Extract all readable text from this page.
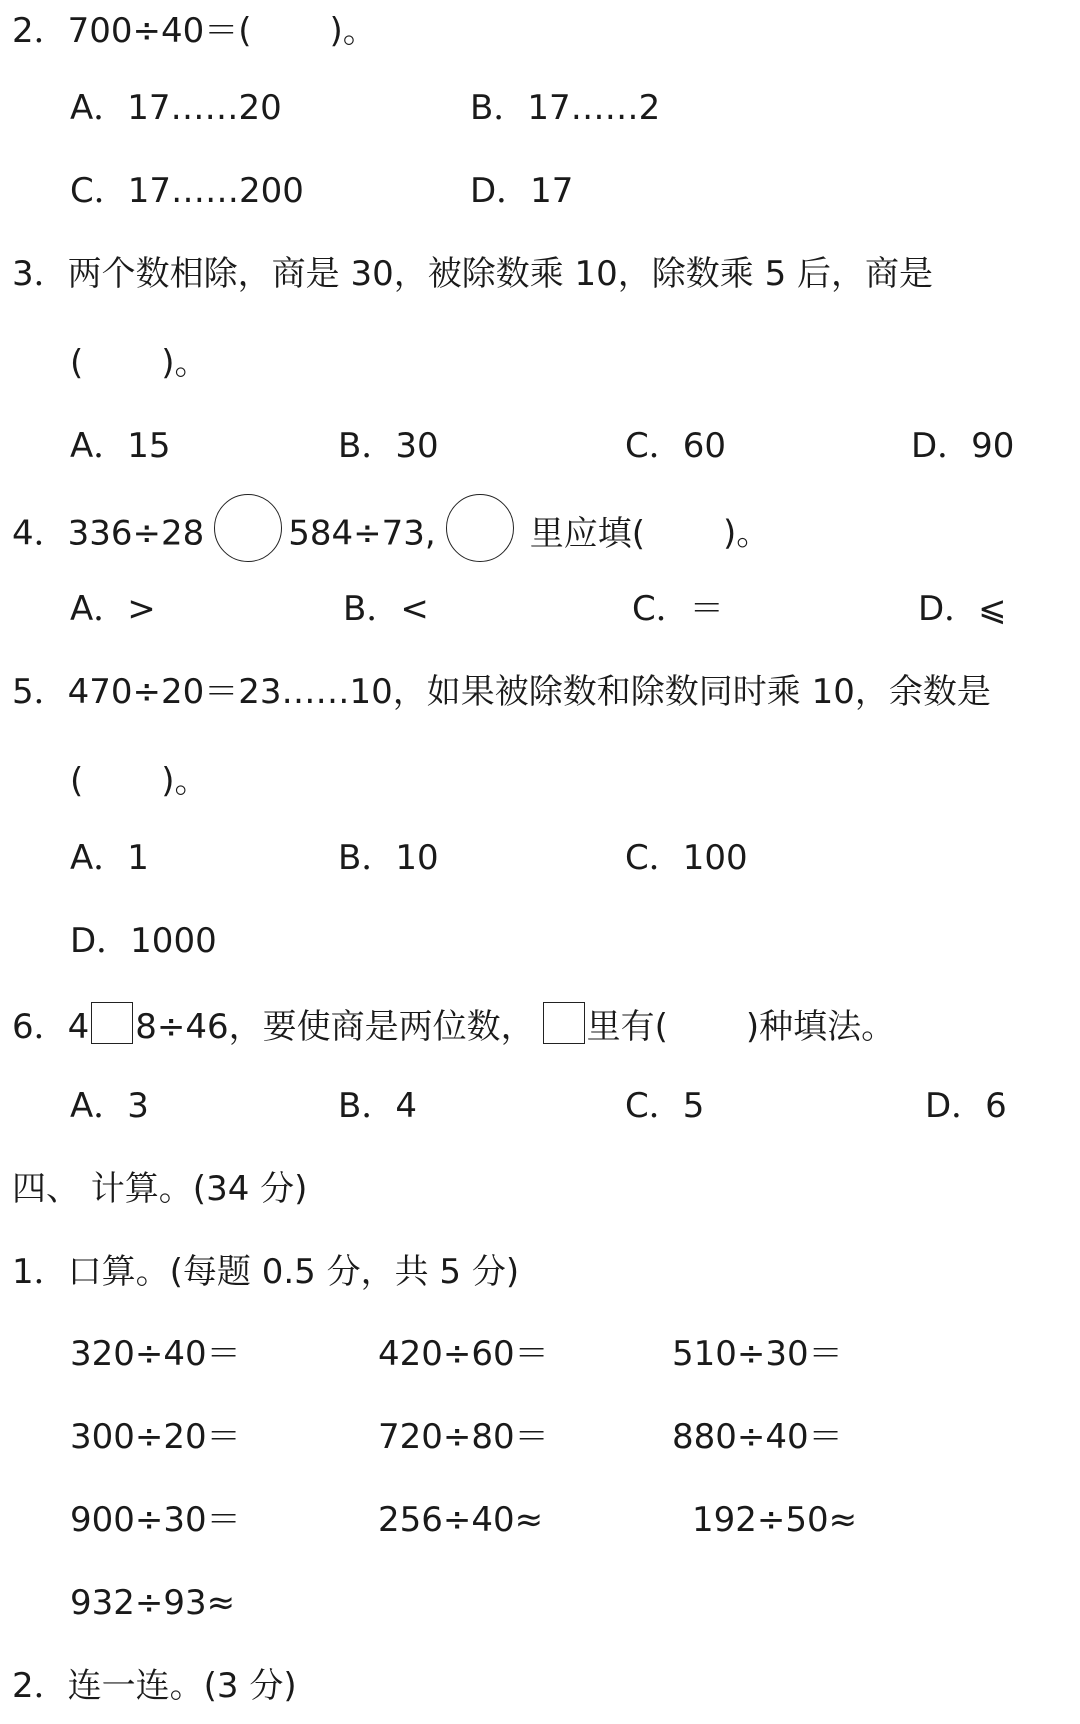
2．700÷40＝( )。
A．17……20	B．17……2
C．17……200	D．17
3．两个数相除，商是 30，被除数乘 10，除数乘 5 后，商是
( )。
A．15	B．30	C．60	D．90
4．336÷28 584÷73,	里应填( )。
A．>	B．<	C．＝	D．⩽
5．470÷20＝23……10，如果被除数和除数同时乘 10，余数是
( )。
A．1	B．10	C．100
D．1000
6．4 8÷46，要使商是两位数， 里有( )种填法。
A．3	B．4	C．5	D．6
四、 计算。(34 分)
1．口算。(每题 0.5 分，共 5 分)
320÷40＝	420÷60＝	510÷30＝
300÷20＝	720÷80＝	880÷40＝
900÷30＝	256÷40≈	192÷50≈
932÷93≈
2．连一连。(3 分)
